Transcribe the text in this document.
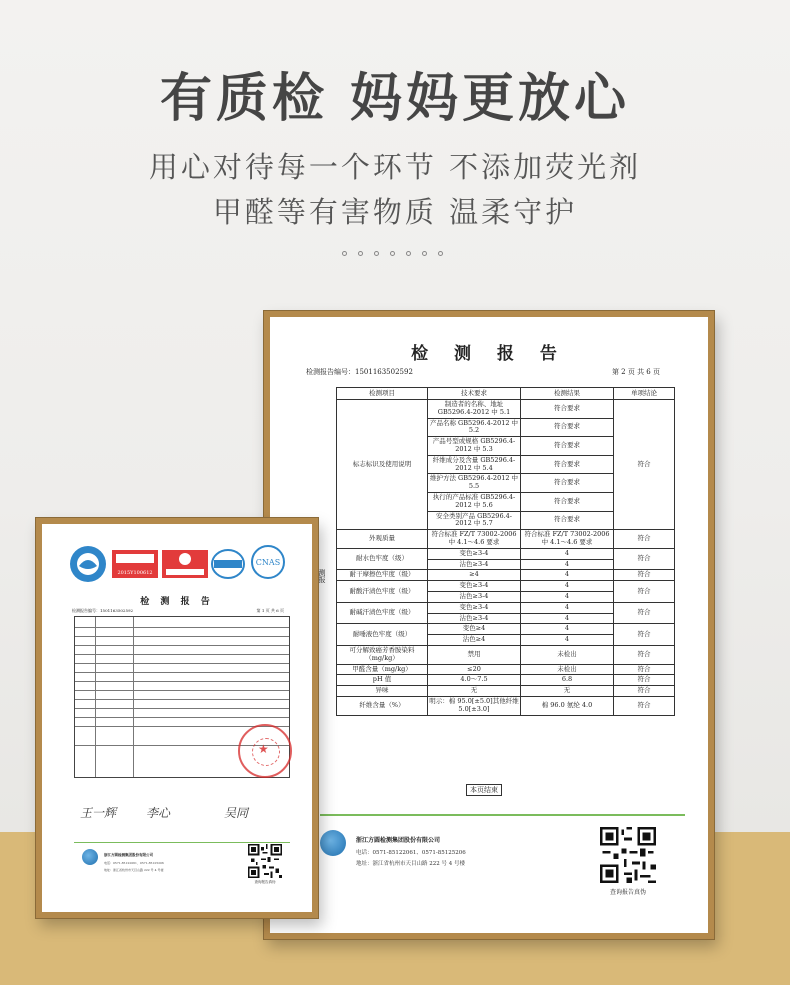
有质检 妈妈更放心
用心对待每一个环节 不添加荧光剂
甲醛等有害物质 温柔守护
检 测 报 告
检测报告编号：1501163502592	第 2 页 共 6 页
测报
检测项目	技术要求	检测结果	单项结论
标志标识及使用说明	制造者的名称、地址 GB5296.4-2012 中 5.1	符合要求	符合
	产品名称 GB5296.4-2012 中 5.2	符合要求	
	产品号型或规格 GB5296.4-2012 中 5.3	符合要求	
	纤维成分及含量 GB5296.4-2012 中 5.4	符合要求	
	维护方法 GB5296.4-2012 中 5.5	符合要求	
	执行的产品标准 GB5296.4-2012 中 5.6	符合要求	
	安全类别产品 GB5296.4-2012 中 5.7	符合要求	
外观质量	符合标准 FZ/T 73002-2006 中 4.1～4.6 要求	符合标准 FZ/T 73002-2006 中 4.1～4.6 要求	符合
耐水色牢度（级）	变色≥3-4	4	符合
	沾色≥3-4	4	
耐干摩擦色牢度（级）	≥4	4	符合
耐酸汗渍色牢度（级）	变色≥3-4	4	符合
	沾色≥3-4	4	
耐碱汗渍色牢度（级）	变色≥3-4	4	符合
	沾色≥3-4	4	
耐唾液色牢度（级）	变色≥4	4	符合
	沾色≥4	4	
可分解致癌芳香胺染料（mg/kg）	禁用	未检出	符合
甲醛含量（mg/kg）	≤20	未检出	符合
pH 值	4.0～7.5	6.8	符合
异味	无	无	符合
纤维含量（%）	明示：棉 95.0[±5.0]其他纤维 5.0[±3.0]	棉 96.0 氨纶 4.0	符合
本页结束
浙江方圆检测集团股份有限公司
电话：0571-85122061、0571-85125206
地址：浙江省杭州市天目山路 222 号 4 号楼
查询报告真伪
2015Y100612
CNAS
检 测 报 告
检测报告编号：1501163502592	第 1 页 共 6 页
★
王一辉 李心	吴同
浙江方圆检测集团股份有限公司
电话：0571-85122061、0571-85125206
地址：浙江省杭州市天目山路 222 号 4 号楼
查询报告真伪
